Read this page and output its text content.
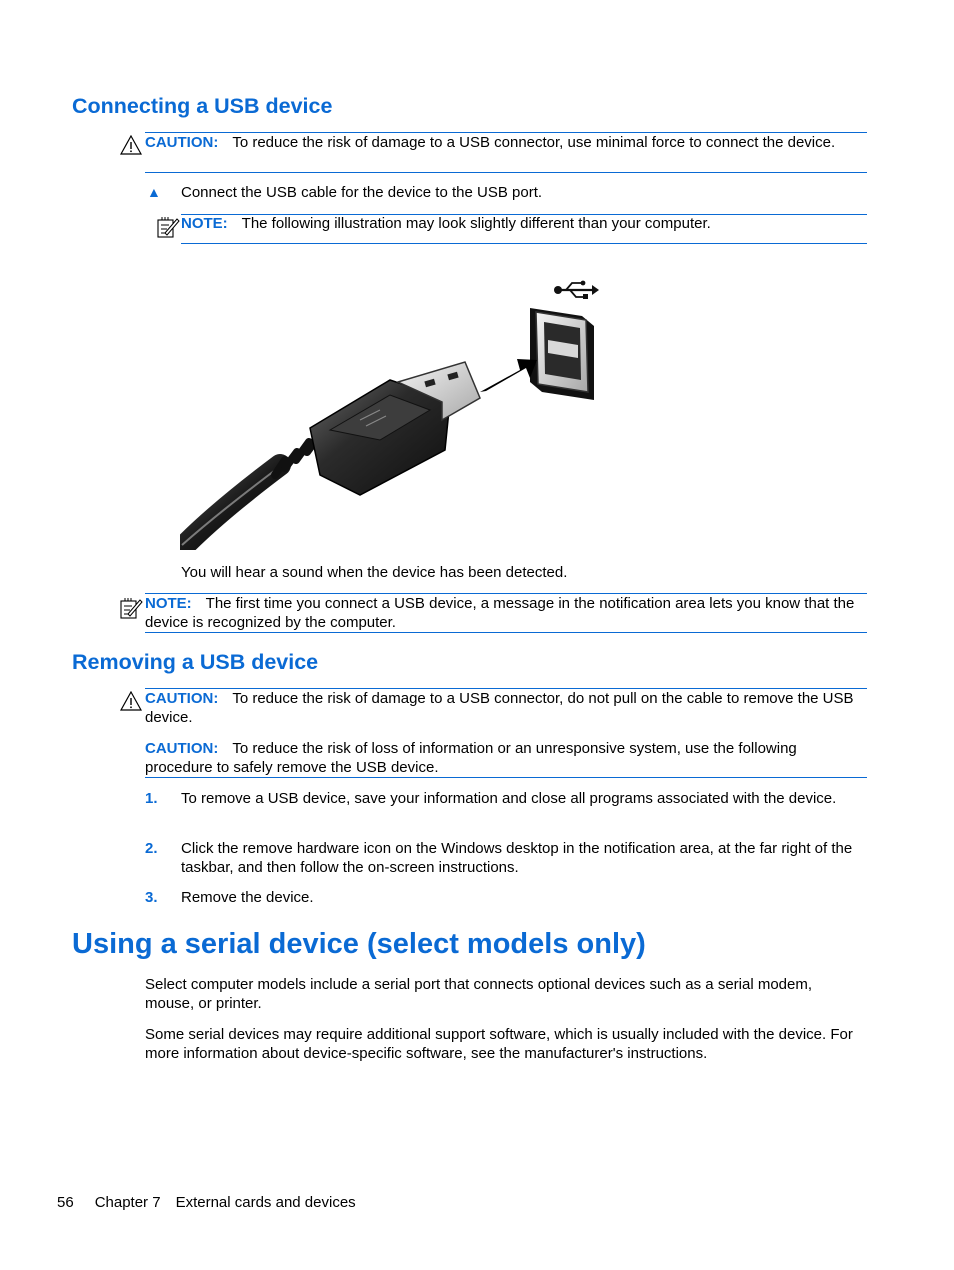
Connecting a USB device
CAUTION: To reduce the risk of damage to a USB connector, use minimal force to connect the device.
▲ Connect the USB cable for the device to the USB port.
NOTE: The following illustration may look slightly different than your computer.
You will hear a sound when the device has been detected.
NOTE: The first time you connect a USB device, a message in the notification area lets you know that the device is recognized by the computer.
Removing a USB device
CAUTION: To reduce the risk of damage to a USB connector, do not pull on the cable to remove the USB device.
CAUTION: To reduce the risk of loss of information or an unresponsive system, use the following procedure to safely remove the USB device.
1. To remove a USB device, save your information and close all programs associated with the device.
2. Click the remove hardware icon on the Windows desktop in the notification area, at the far right of the taskbar, and then follow the on-screen instructions.
3. Remove the device.
Using a serial device (select models only)
Select computer models include a serial port that connects optional devices such as a serial modem, mouse, or printer.
Some serial devices may require additional support software, which is usually included with the device. For more information about device-specific software, see the manufacturer's instructions.
56 Chapter 7 External cards and devices
